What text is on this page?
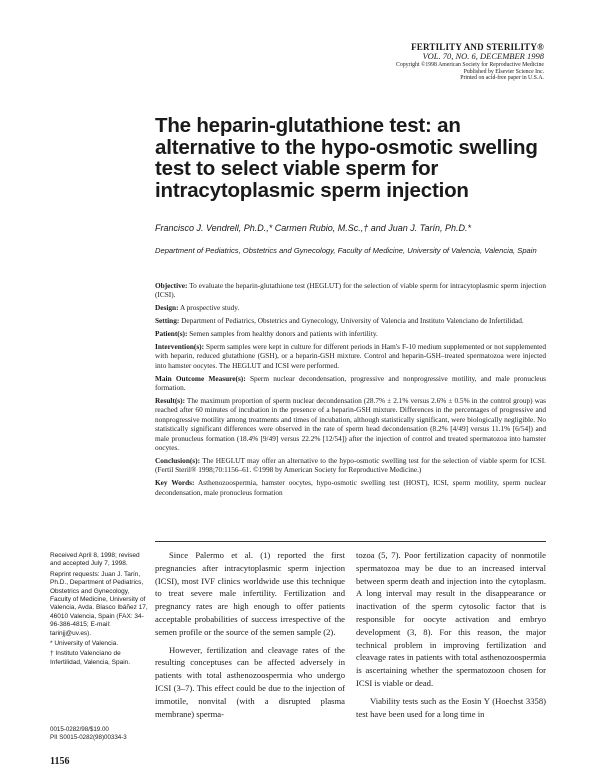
FERTILITY AND STERILITY®
VOL. 70, NO. 6, DECEMBER 1998
Copyright ©1998 American Society for Reproductive Medicine
Published by Elsevier Science Inc.
Printed on acid-free paper in U.S.A.
The heparin-glutathione test: an alternative to the hypo-osmotic swelling test to select viable sperm for intracytoplasmic sperm injection
Francisco J. Vendrell, Ph.D.,* Carmen Rubio, M.Sc.,† and Juan J. Tarín, Ph.D.*
Department of Pediatrics, Obstetrics and Gynecology, Faculty of Medicine, University of Valencia, Valencia, Spain

Objective: To evaluate the heparin-glutathione test (HEGLUT) for the selection of viable sperm for intracytoplasmic sperm injection (ICSI).

Design: A prospective study.

Setting: Department of Pediatrics, Obstetrics and Gynecology, University of Valencia and Instituto Valenciano de Infertilidad.

Patient(s): Semen samples from healthy donors and patients with infertility.

Intervention(s): Sperm samples were kept in culture for different periods in Ham's F-10 medium supplemented or not supplemented with heparin, reduced glutathione (GSH), or a heparin-GSH mixture. Control and heparin-GSH–treated spermatozoa were injected into hamster oocytes. The HEGLUT and ICSI were performed.

Main Outcome Measure(s): Sperm nuclear decondensation, progressive and nonprogressive motility, and male pronucleus formation.

Result(s): The maximum proportion of sperm nuclear decondensation (28.7% ± 2.1% versus 2.6% ± 0.5% in the control group) was reached after 60 minutes of incubation in the presence of a heparin-GSH mixture. Differences in the percentages of progressive and nonprogressive motility among treatments and times of incubation, although statistically significant, were biologically negligible. No statistically significant differences were observed in the rate of sperm head decondensation (8.2% [4/49] versus 11.1% [6/54]) and male pronucleus formation (18.4% [9/49] versus 22.2% [12/54]) after the injection of control and treated spermatozoa into hamster oocytes.

Conclusion(s): The HEGLUT may offer an alternative to the hypo-osmotic swelling test for the selection of viable sperm for ICSI. (Fertil Steril® 1998;70:1156–61. ©1998 by American Society for Reproductive Medicine.)

Key Words: Asthenozoospermia, hamster oocytes, hypo-osmotic swelling test (HOST), ICSI, sperm motility, sperm nuclear decondensation, male pronucleus formation

Received April 8, 1998; revised and accepted July 7, 1998.

Reprint requests: Juan J. Tarín, Ph.D., Department of Pediatrics, Obstetrics and Gynecology, Faculty of Medicine, University of Valencia, Avda. Blasco Ibáñez 17, 46010 Valencia, Spain (FAX: 34-96-386-4815; E-mail: tarinjj@uv.es).

* University of Valencia.

† Instituto Valenciano de Infertilidad, Valencia, Spain.

0015-0282/98/$19.00

PII S0015-0282(98)00334-3

Since Palermo et al. (1) reported the first pregnancies after intracytoplasmic sperm injection (ICSI), most IVF clinics worldwide use this technique to treat severe male infertility. Fertilization and pregnancy rates are high enough to offer patients acceptable probabilities of success irrespective of the semen profile or the source of the semen sample (2).

However, fertilization and cleavage rates of the resulting conceptuses can be affected adversely in patients with total asthenozoospermia who undergo ICSI (3–7). This effect could be due to the injection of immotile, nonvital (with a disrupted plasma membrane) sperma-

tozoa (5, 7). Poor fertilization capacity of nonmotile spermatozoa may be due to an increased interval between sperm death and injection into the cytoplasm. A long interval may result in the disappearance or inactivation of the sperm cytosolic factor that is responsible for oocyte activation and embryo development (3, 8). For this reason, the major technical problem in improving fertilization and cleavage rates in patients with total asthenozoospermia is ascertaining whether the spermatozoon chosen for ICSI is viable or dead.

Viability tests such as the Eosin Y (Hoechst 3358) test have been used for a long time in

1156
